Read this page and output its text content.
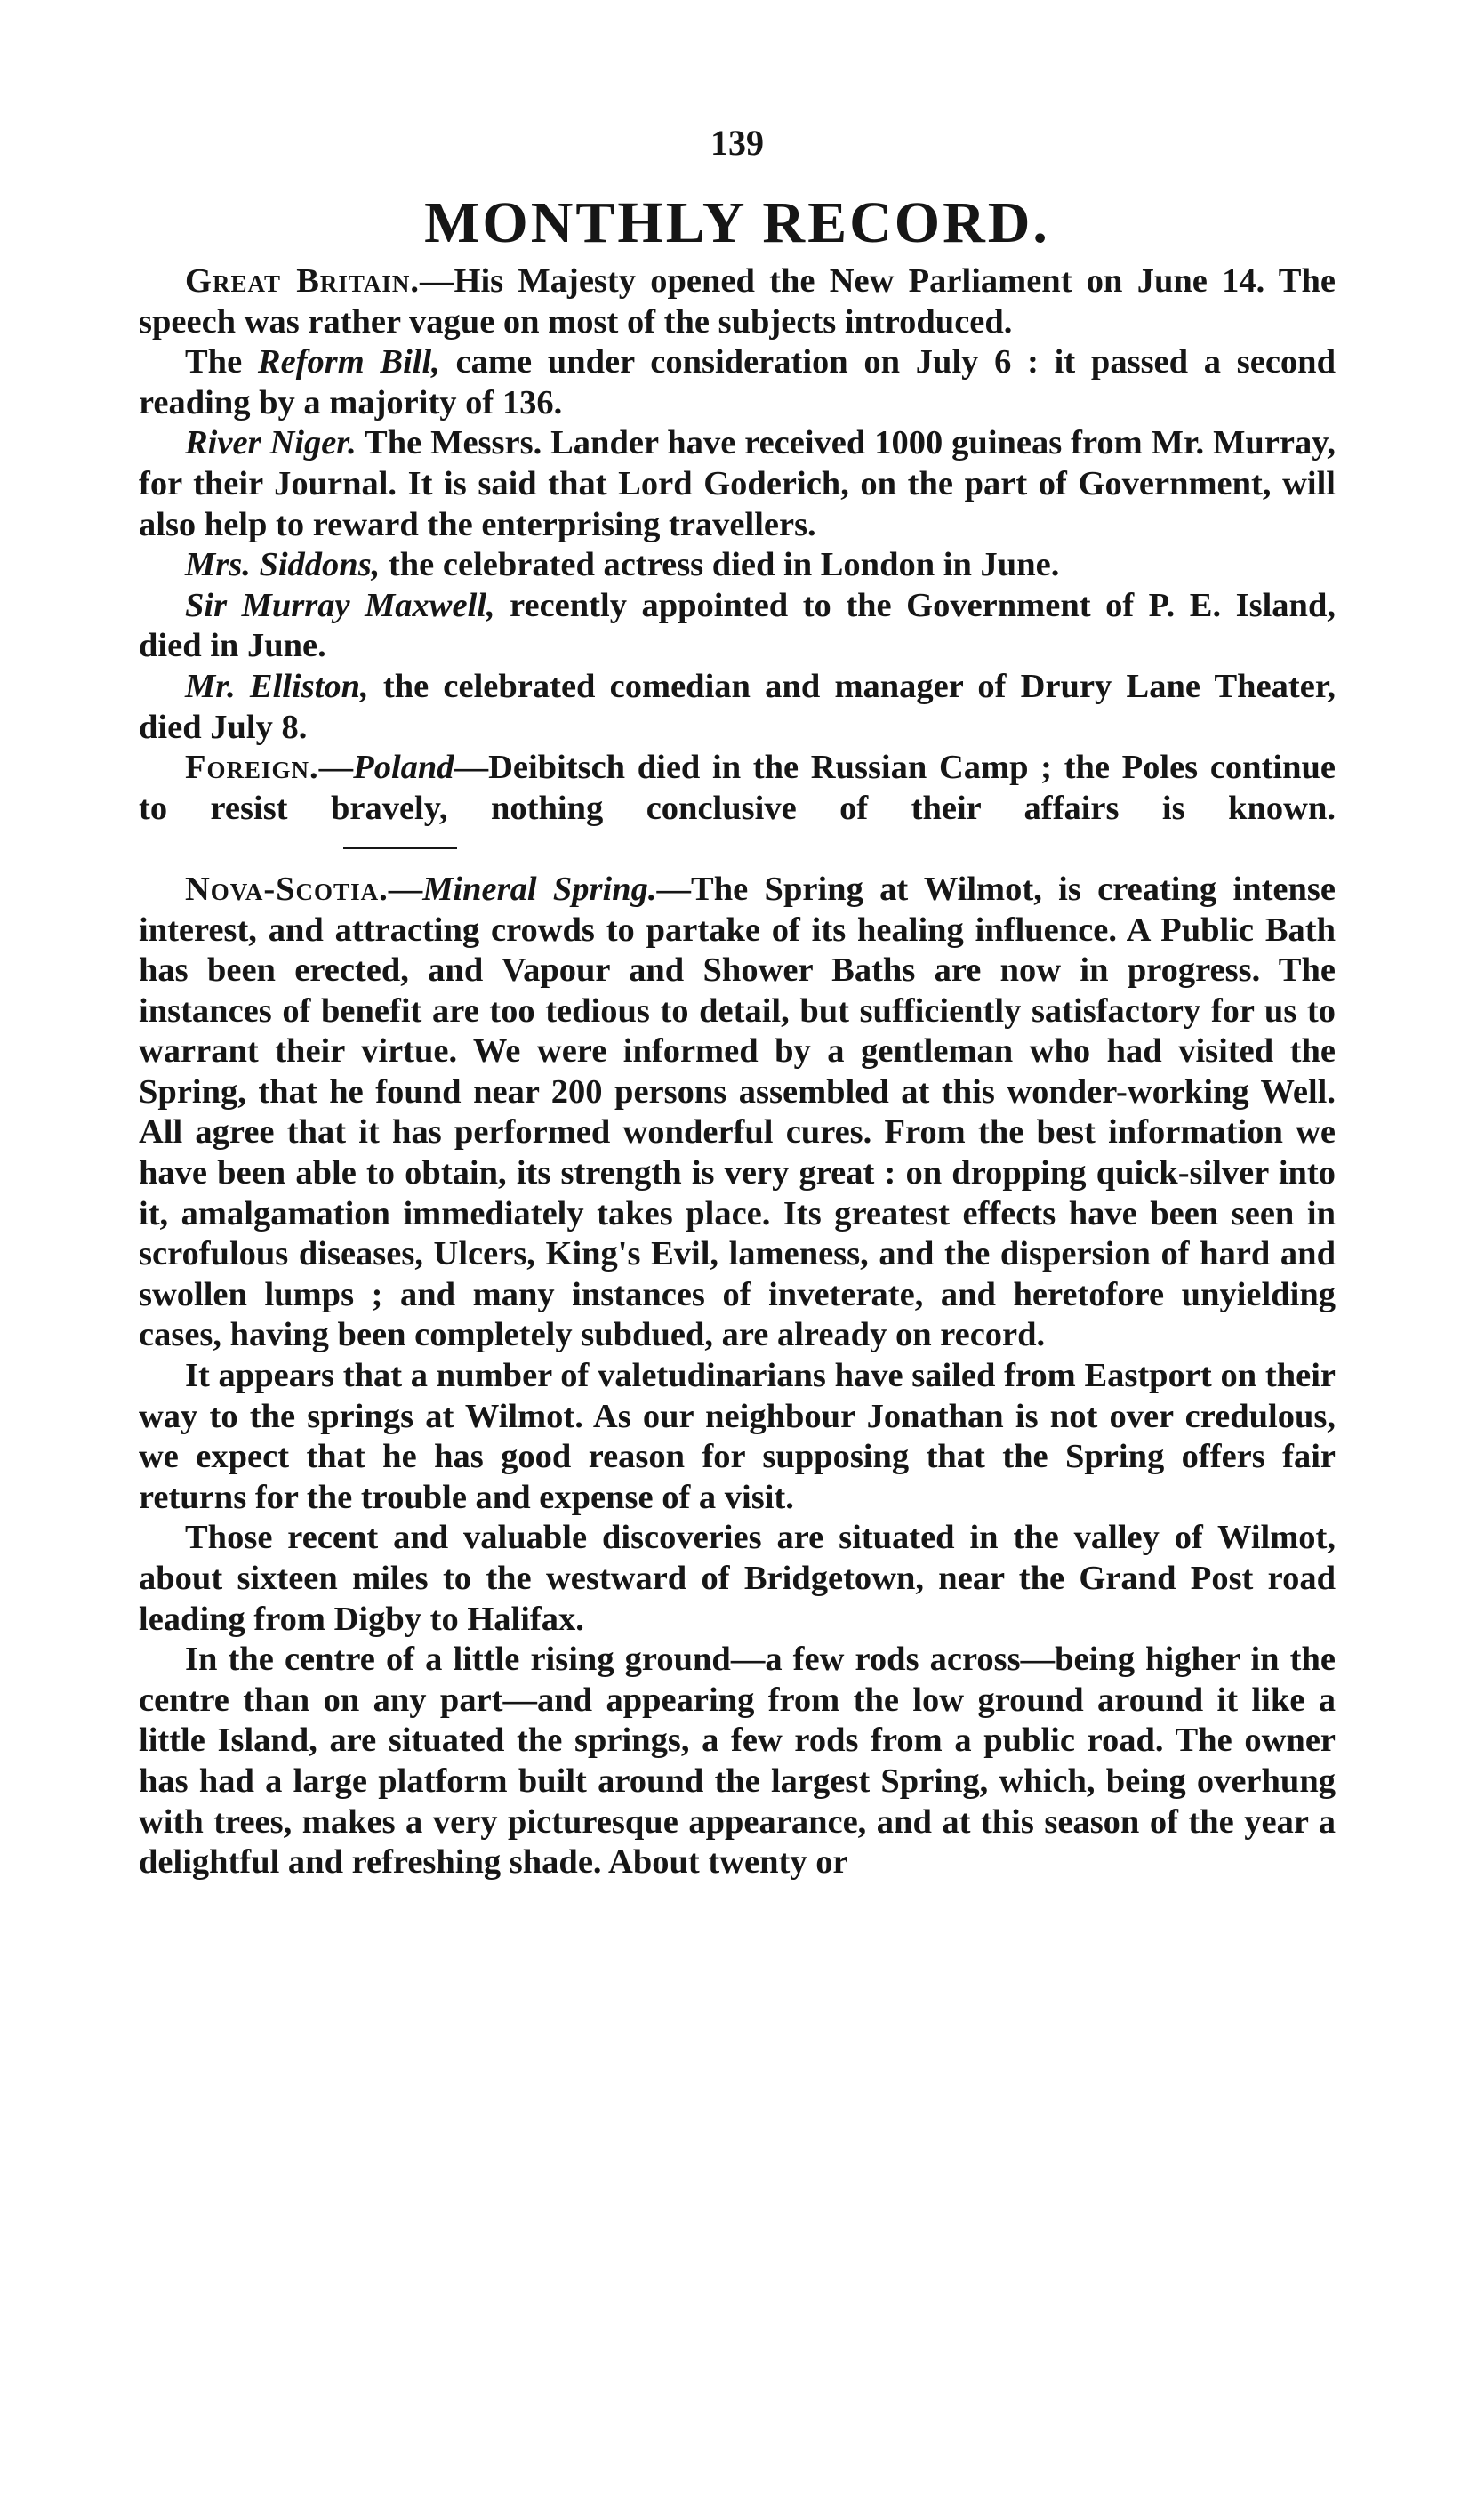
139
MONTHLY RECORD.

Great Britain.—His Majesty opened the New Parliament on June 14. The speech was rather vague on most of the subjects introduced.

The Reform Bill, came under consideration on July 6 : it passed a second reading by a majority of 136.

River Niger. The Messrs. Lander have received 1000 guineas from Mr. Murray, for their Journal. It is said that Lord Goderich, on the part of Government, will also help to reward the enterprising travellers.

Mrs. Siddons, the celebrated actress died in London in June.

Sir Murray Maxwell, recently appointed to the Government of P. E. Island, died in June.

Mr. Elliston, the celebrated comedian and manager of Drury Lane Theater, died July 8.

Foreign.—Poland—Deibitsch died in the Russian Camp ; the Poles continue to resist bravely, nothing conclusive of their affairs is known.

Nova-Scotia.—Mineral Spring.—The Spring at Wilmot, is creating intense interest, and attracting crowds to partake of its healing influence. A Public Bath has been erected, and Vapour and Shower Baths are now in progress. The instances of benefit are too tedious to detail, but sufficiently satisfactory for us to warrant their virtue. We were informed by a gentleman who had visited the Spring, that he found near 200 persons assembled at this wonder-working Well. All agree that it has performed wonderful cures. From the best information we have been able to obtain, its strength is very great : on dropping quick-silver into it, amalgamation immediately takes place. Its greatest effects have been seen in scrofulous diseases, Ulcers, King's Evil, lameness, and the dispersion of hard and swollen lumps ; and many instances of inveterate, and heretofore unyielding cases, having been completely subdued, are already on record.

It appears that a number of valetudinarians have sailed from Eastport on their way to the springs at Wilmot. As our neighbour Jonathan is not over credulous, we expect that he has good reason for supposing that the Spring offers fair returns for the trouble and expense of a visit.

Those recent and valuable discoveries are situated in the valley of Wilmot, about sixteen miles to the westward of Bridgetown, near the Grand Post road leading from Digby to Halifax.

In the centre of a little rising ground—a few rods across—being higher in the centre than on any part—and appearing from the low ground around it like a little Island, are situated the springs, a few rods from a public road. The owner has had a large platform built around the largest Spring, which, being overhung with trees, makes a very picturesque appearance, and at this season of the year a delightful and refreshing shade. About twenty or
